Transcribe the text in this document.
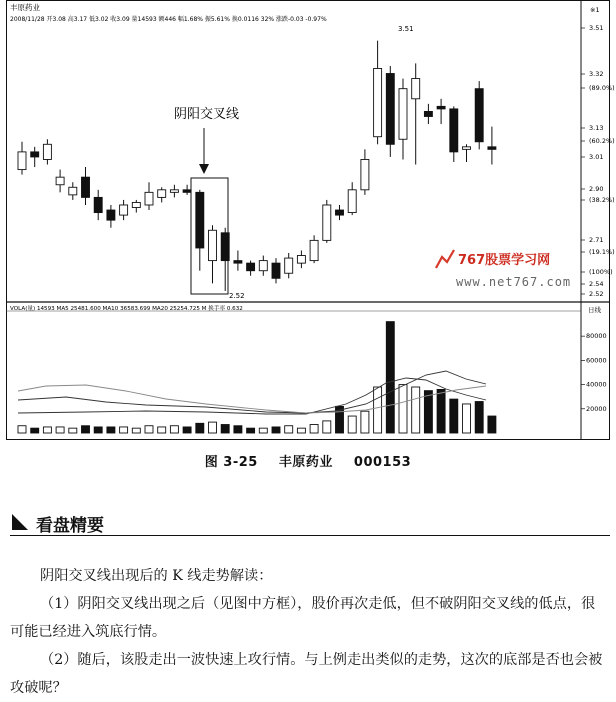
丰原药业
2008/11/28 开3.08 高3.17 低3.02 收3.09 量14593 额446 幅1.68% 振5.61% 换0.0116 32% 涨跌-0.03 -0.97%
VOLA(量) 14593 MA5 25481.600 MA10 36583.699 MA20 25254.725 M 换手率 0.632
※1
日线
3.51
3.32
(89.0%)
3.13
(60.2%)
3.01
2.90
(38.2%)
2.71
(19.1%)
(100%)
2.54
2.52
80000
60000
40000
20000
767股票学习网
www.net767.com
阴阳交叉线
3.51
2.52
图 3-25 丰原药业 000153
看盘精要
阴阳交叉线出现后的 K 线走势解读：
（1）阴阳交叉线出现之后（见图中方框），股价再次走低，但不破阴阳交叉线的低点，很可能已经进入筑底行情。
（2）随后，该股走出一波快速上攻行情。与上例走出类似的走势，这次的底部是否也会被攻破呢？
